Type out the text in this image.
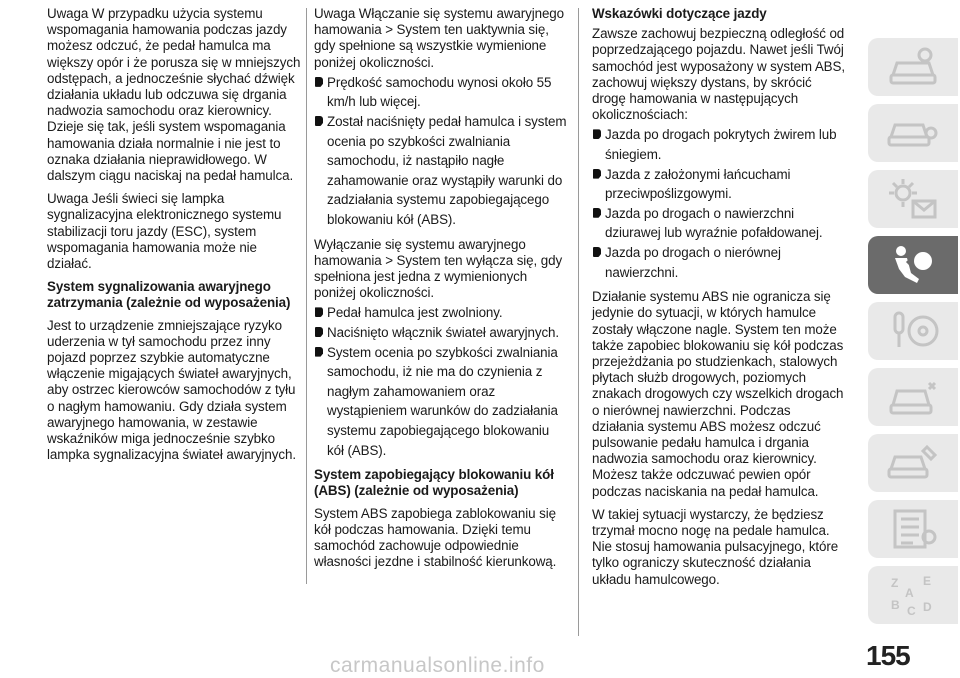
Uwaga W przypadku użycia systemu wspomagania hamowania podczas jazdy możesz odczuć, że pedał hamulca ma większy opór i że porusza się w mniejszych odstępach, a jednocześnie słychać dźwięk działania układu lub odczuwa się drgania nadwozia samochodu oraz kierownicy. Dzieje się tak, jeśli system wspomagania hamowania działa normalnie i nie jest to oznaka działania nieprawidłowego. W dalszym ciągu naciskaj na pedał hamulca.

Uwaga Jeśli świeci się lampka sygnalizacyjna elektronicznego systemu stabilizacji toru jazdy (ESC), system wspomagania hamowania może nie działać.

System sygnalizowania awaryjnego zatrzymania (zależnie od wyposażenia)

Jest to urządzenie zmniejszające ryzyko uderzenia w tył samochodu przez inny pojazd poprzez szybkie automatyczne włączenie migających świateł awaryjnych, aby ostrzec kierowców samochodów z tyłu o nagłym hamowaniu. Gdy działa system awaryjnego hamowania, w zestawie wskaźników miga jednocześnie szybko lampka sygnalizacyjna świateł awaryjnych.

Uwaga Włączanie się systemu awaryjnego hamowania > System ten uaktywnia się, gdy spełnione są wszystkie wymienione poniżej okoliczności.

Prędkość samochodu wynosi około 55 km/h lub więcej.
Został naciśnięty pedał hamulca i system ocenia po szybkości zwalniania samochodu, iż nastąpiło nagłe zahamowanie oraz wystąpiły warunki do zadziałania systemu zapobiegającego blokowaniu kół (ABS).

Wyłączanie się systemu awaryjnego hamowania > System ten wyłącza się, gdy spełniona jest jedna z wymienionych poniżej okoliczności.

Pedał hamulca jest zwolniony.
Naciśnięto włącznik świateł awaryjnych.
System ocenia po szybkości zwalniania samochodu, iż nie ma do czynienia z nagłym zahamowaniem oraz wystąpieniem warunków do zadziałania systemu zapobiegającego blokowaniu kół (ABS).

System zapobiegający blokowaniu kół (ABS) (zależnie od wyposażenia)

System ABS zapobiega zablokowaniu się kół podczas hamowania. Dzięki temu samochód zachowuje odpowiednie własności jezdne i stabilność kierunkową.

Wskazówki dotyczące jazdy

Zawsze zachowuj bezpieczną odległość od poprzedzającego pojazdu. Nawet jeśli Twój samochód jest wyposażony w system ABS, zachowuj większy dystans, by skrócić drogę hamowania w następujących okolicznościach:

Jazda po drogach pokrytych żwirem lub śniegiem.
Jazda z założonymi łańcuchami przeciwpoślizgowymi.
Jazda po drogach o nawierzchni dziurawej lub wyraźnie pofałdowanej.
Jazda po drogach o nierównej nawierzchni.

Działanie systemu ABS nie ogranicza się jedynie do sytuacji, w których hamulce zostały włączone nagle. System ten może także zapobiec blokowaniu się kół podczas przejeżdżania po studzienkach, stalowych płytach służb drogowych, poziomych znakach drogowych czy wszelkich drogach o nierównej nawierzchni. Podczas działania systemu ABS możesz odczuć pulsowanie pedału hamulca i drgania nadwozia samochodu oraz kierownicy. Możesz także odczuwać pewien opór podczas naciskania na pedał hamulca.

W takiej sytuacji wystarczy, że będziesz trzymał mocno nogę na pedale hamulca. Nie stosuj hamowania pulsacyjnego, które tylko ograniczy skuteczność działania układu hamulcowego.	Z E
A
B C D
155
carmanualsonline.info
